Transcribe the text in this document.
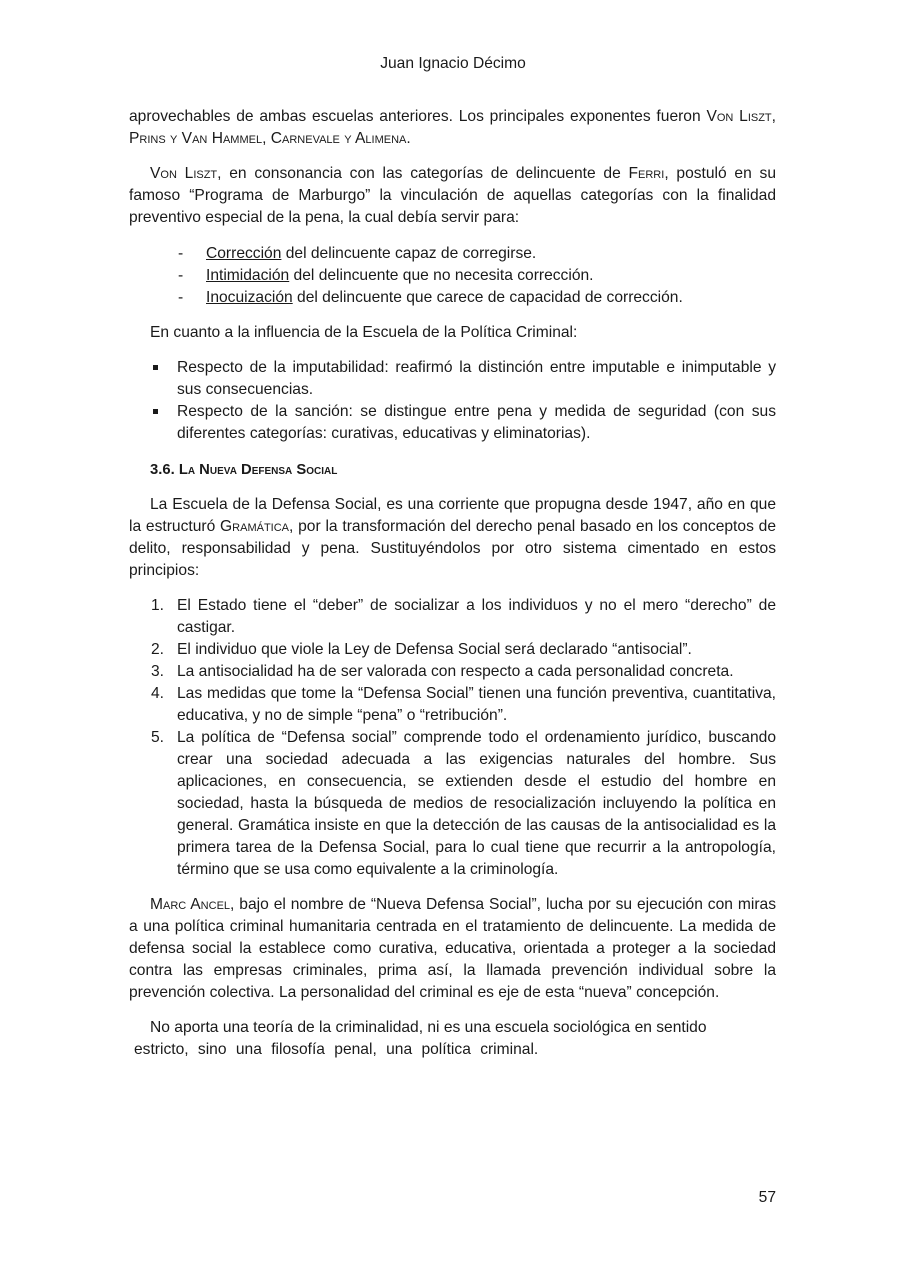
Juan Ignacio Décimo

aprovechables de ambas escuelas anteriores. Los principales exponentes fueron Von Liszt, Prins y Van Hammel, Carnevale y Alimena.

Von Liszt, en consonancia con las categorías de delincuente de Ferri, postuló en su famoso “Programa de Marburgo” la vinculación de aquellas categorías con la finalidad preventivo especial de la pena, la cual debía servir para:

- Corrección del delincuente capaz de corregirse.
- Intimidación del delincuente que no necesita corrección.
- Inocuización del delincuente que carece de capacidad de corrección.

En cuanto a la influencia de la Escuela de la Política Criminal:

Respecto de la imputabilidad: reafirmó la distinción entre imputable e inimputable y sus consecuencias.
Respecto de la sanción: se distingue entre pena y medida de seguridad (con sus diferentes categorías: curativas, educativas y eliminatorias).
3.6. La Nueva Defensa Social

La Escuela de la Defensa Social, es una corriente que propugna desde 1947, año en que la estructuró Gramática, por la transformación del derecho penal basado en los conceptos de delito, responsabilidad y pena. Sustituyéndolos por otro sistema cimentado en estos principios:

1. El Estado tiene el “deber” de socializar a los individuos y no el mero “derecho” de castigar.
2. El individuo que viole la Ley de Defensa Social será declarado “antisocial”.
3. La antisocialidad ha de ser valorada con respecto a cada personalidad concreta.
4. Las medidas que tome la “Defensa Social” tienen una función preventiva, cuantitativa, educativa, y no de simple “pena” o “retribución”.
5. La política de “Defensa social” comprende todo el ordenamiento jurídico, buscando crear una sociedad adecuada a las exigencias naturales del hombre. Sus aplicaciones, en consecuencia, se extienden desde el estudio del hombre en sociedad, hasta la búsqueda de medios de resocialización incluyendo la política en general. Gramática insiste en que la detección de las causas de la antisocialidad es la primera tarea de la Defensa Social, para lo cual tiene que recurrir a la antropología, término que se usa como equivalente a la criminología.

Marc Ancel, bajo el nombre de “Nueva Defensa Social”, lucha por su ejecución con miras a una política criminal humanitaria centrada en el tratamiento de delincuente. La medida de defensa social la establece como curativa, educativa, orientada a proteger a la sociedad contra las empresas criminales, prima así, la llamada prevención individual sobre la prevención colectiva. La personalidad del criminal es eje de esta “nueva” concepción.

No aporta una teoría de la criminalidad, ni es una escuela sociológica en sentido
estricto, sino una filosofía penal, una política criminal.

57
